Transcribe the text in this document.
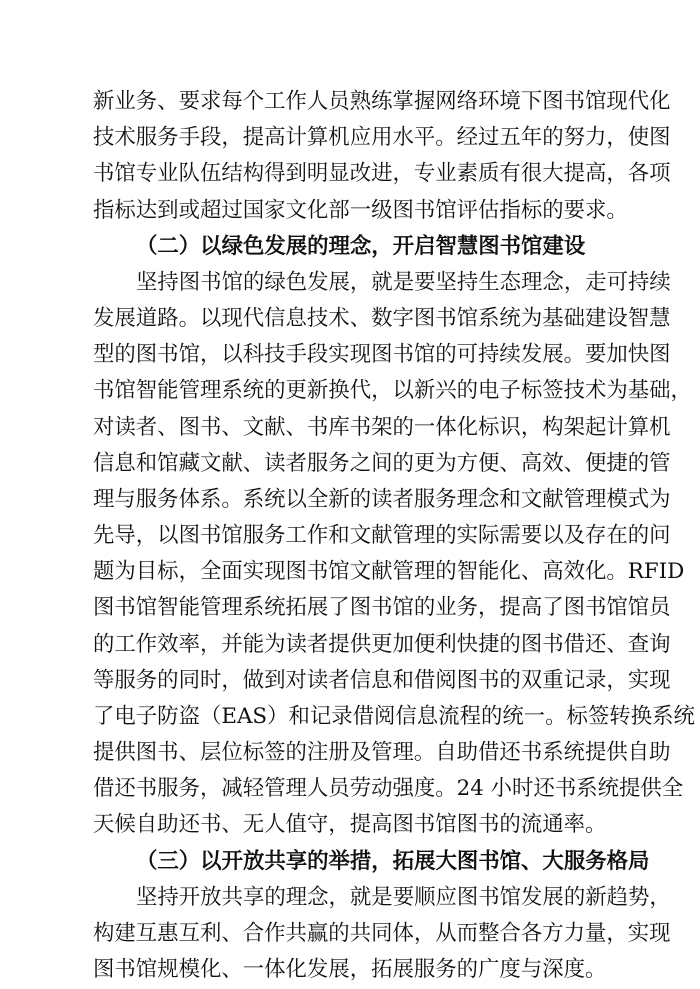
新业务、要求每个工作人员熟练掌握网络环境下图书馆现代化
技术服务手段，提高计算机应用水平。经过五年的努力，使图
书馆专业队伍结构得到明显改进，专业素质有很大提高，各项
指标达到或超过国家文化部一级图书馆评估指标的要求。
（二）以绿色发展的理念，开启智慧图书馆建设
坚持图书馆的绿色发展，就是要坚持生态理念，走可持续
发展道路。以现代信息技术、数字图书馆系统为基础建设智慧
型的图书馆，以科技手段实现图书馆的可持续发展。要加快图
书馆智能管理系统的更新换代，以新兴的电子标签技术为基础，
对读者、图书、文献、书库书架的一体化标识，构架起计算机
信息和馆藏文献、读者服务之间的更为方便、高效、便捷的管
理与服务体系。系统以全新的读者服务理念和文献管理模式为
先导，以图书馆服务工作和文献管理的实际需要以及存在的问
题为目标，全面实现图书馆文献管理的智能化、高效化。RFID
图书馆智能管理系统拓展了图书馆的业务，提高了图书馆馆员
的工作效率，并能为读者提供更加便利快捷的图书借还、查询
等服务的同时，做到对读者信息和借阅图书的双重记录，实现
了电子防盗（EAS）和记录借阅信息流程的统一。标签转换系统
提供图书、层位标签的注册及管理。自助借还书系统提供自助
借还书服务，减轻管理人员劳动强度。24 小时还书系统提供全
天候自助还书、无人值守，提高图书馆图书的流通率。
（三）以开放共享的举措，拓展大图书馆、大服务格局
坚持开放共享的理念，就是要顺应图书馆发展的新趋势，
构建互惠互利、合作共赢的共同体，从而整合各方力量，实现
图书馆规模化、一体化发展，拓展服务的广度与深度。
